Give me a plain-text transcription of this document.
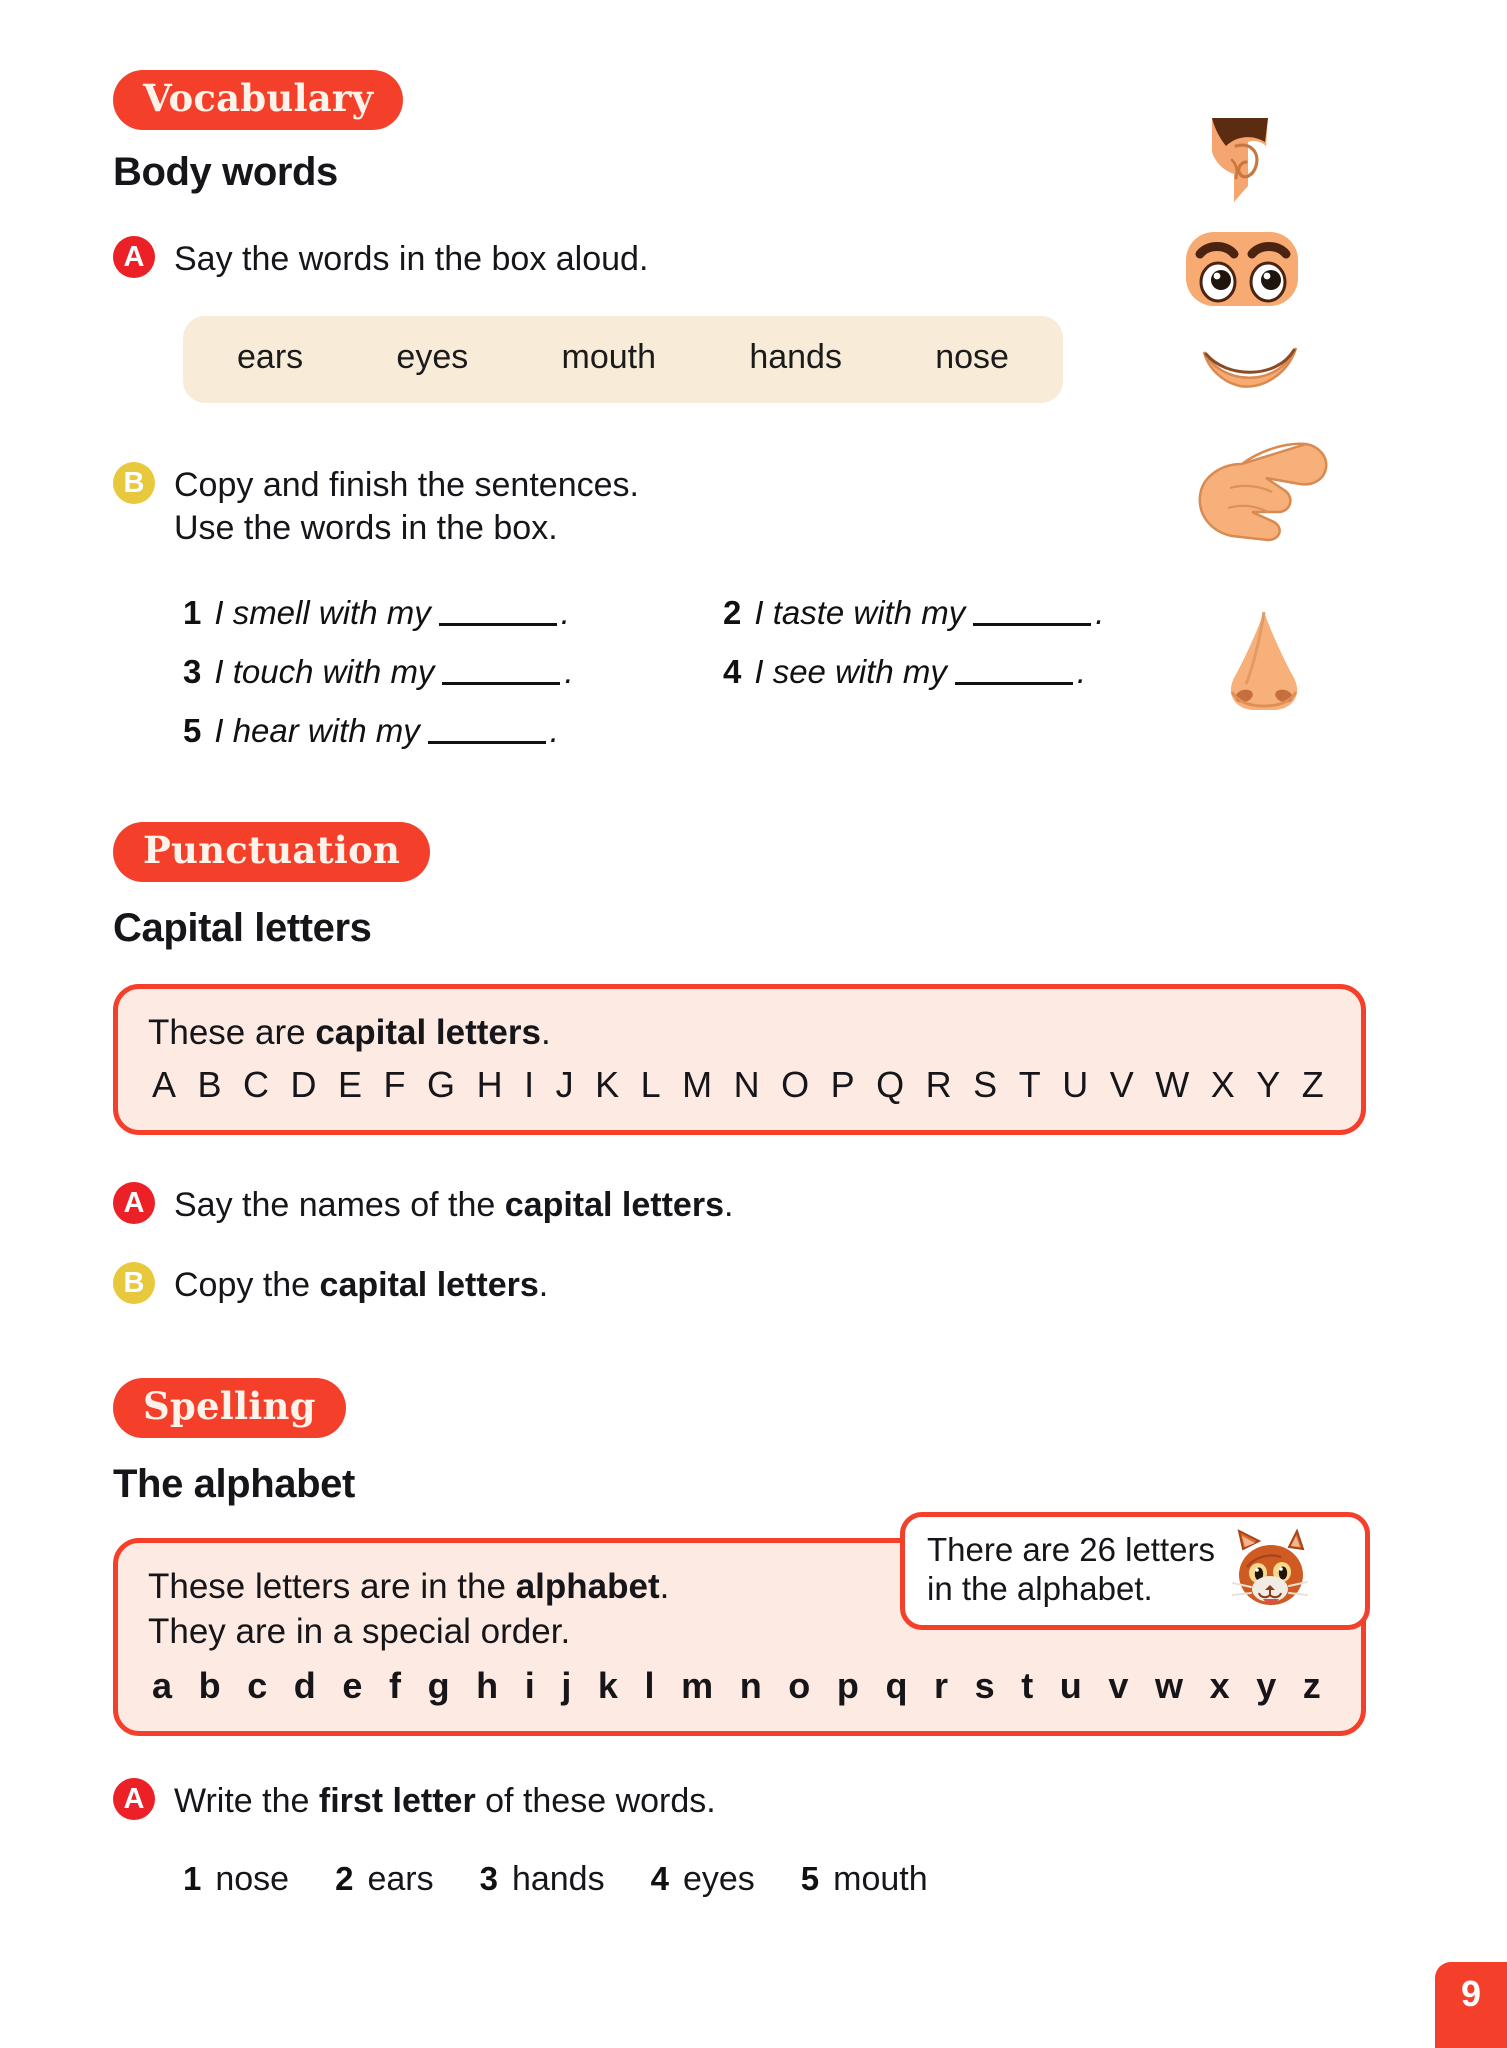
Vocabulary
Body words
A Say the words in the box aloud.
ears	eyes	mouth	hands	nose
B Copy and finish the sentences.
Use the words in the box.
1 I smell with my	.	2 I taste with my	.
3 I touch with my	.	4 I see with my	.
5 I hear with my	.
Punctuation
Capital letters
These are capital letters.
A B C D E F G H I J K L M N O P Q R S T U V W X Y Z
A Say the names of the capital letters.
B Copy the capital letters.
Spelling
The alphabet
These letters are in the alphabet.
They are in a special order.
a b c d e f g h i j k l m n o p q r s t u v w x y z
There are 26 letters
in the alphabet.
A Write the first letter of these words.
1 nose 2 ears 3 hands 4 eyes 5 mouth
9
